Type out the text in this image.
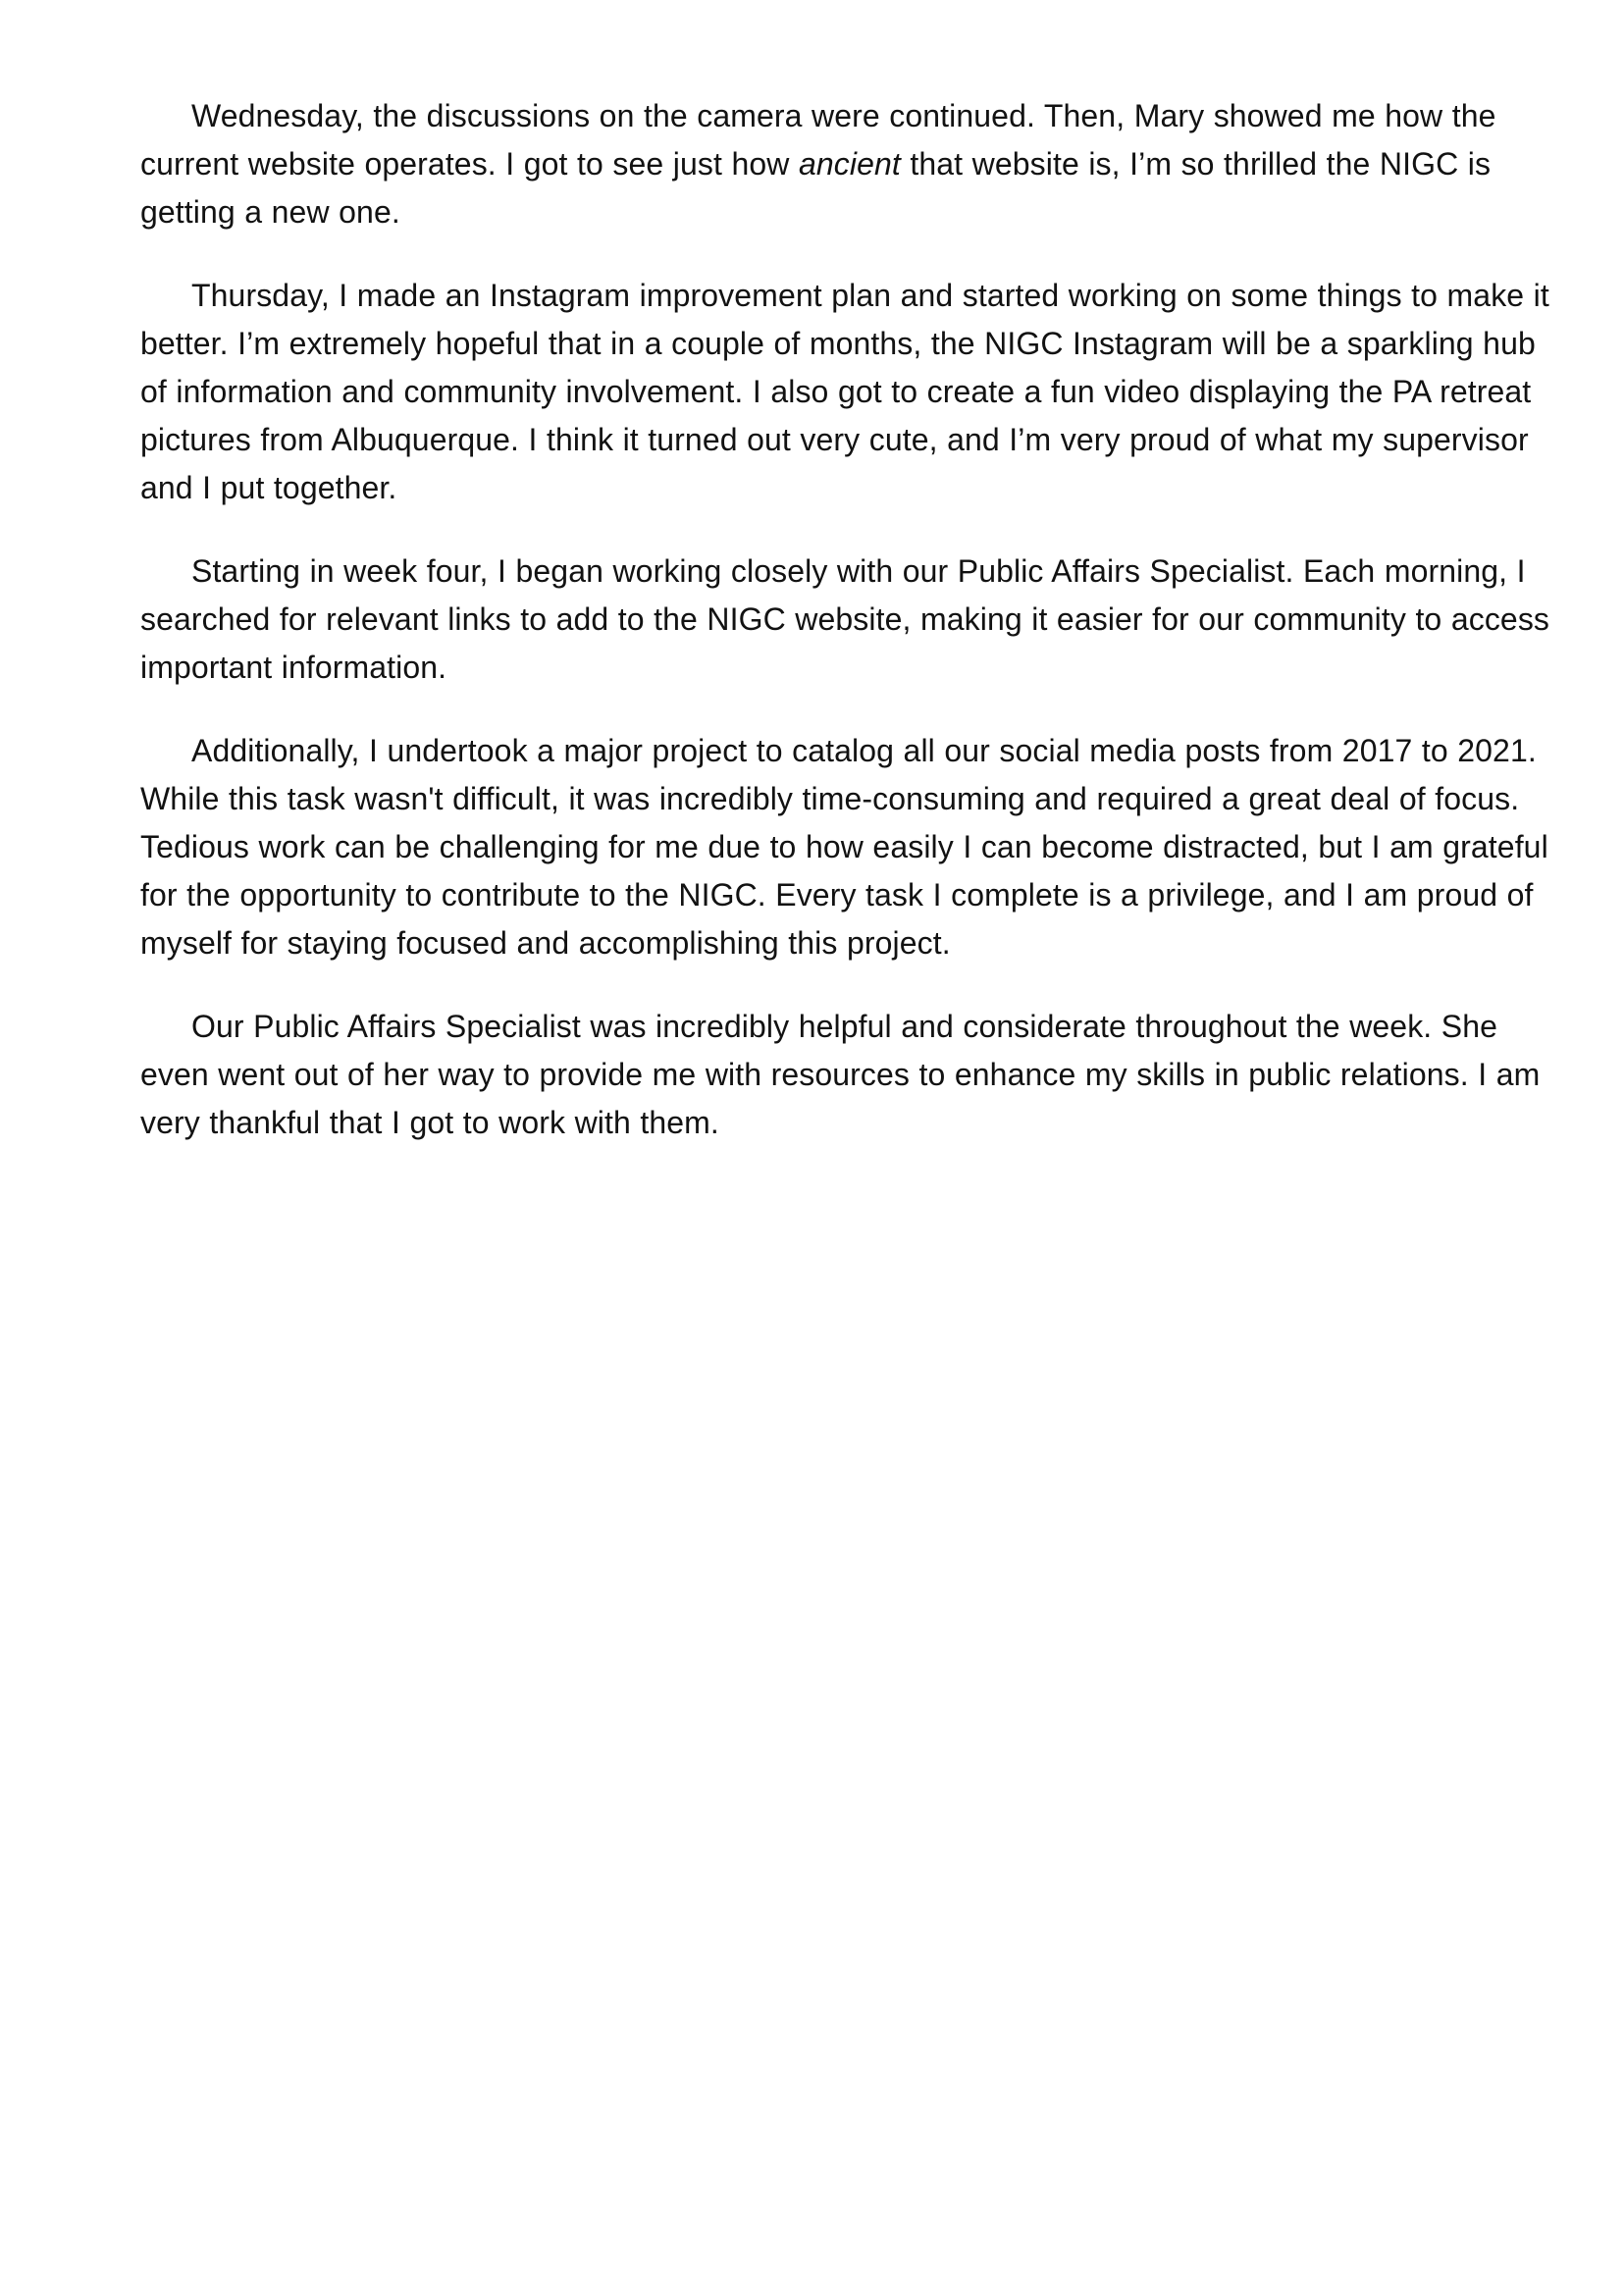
Wednesday, the discussions on the camera were continued. Then, Mary showed me how the current website operates. I got to see just how ancient that website is, I’m so thrilled the NIGC is getting a new one.

Thursday, I made an Instagram improvement plan and started working on some things to make it better. I’m extremely hopeful that in a couple of months, the NIGC Instagram will be a sparkling hub of information and community involvement. I also got to create a fun video displaying the PA retreat pictures from Albuquerque. I think it turned out very cute, and I’m very proud of what my supervisor and I put together.

Starting in week four, I began working closely with our Public Affairs Specialist. Each morning, I searched for relevant links to add to the NIGC website, making it easier for our community to access important information.

Additionally, I undertook a major project to catalog all our social media posts from 2017 to 2021. While this task wasn't difficult, it was incredibly time-consuming and required a great deal of focus. Tedious work can be challenging for me due to how easily I can become distracted, but I am grateful for the opportunity to contribute to the NIGC. Every task I complete is a privilege, and I am proud of myself for staying focused and accomplishing this project.

Our Public Affairs Specialist was incredibly helpful and considerate throughout the week. She even went out of her way to provide me with resources to enhance my skills in public relations. I am very thankful that I got to work with them.
